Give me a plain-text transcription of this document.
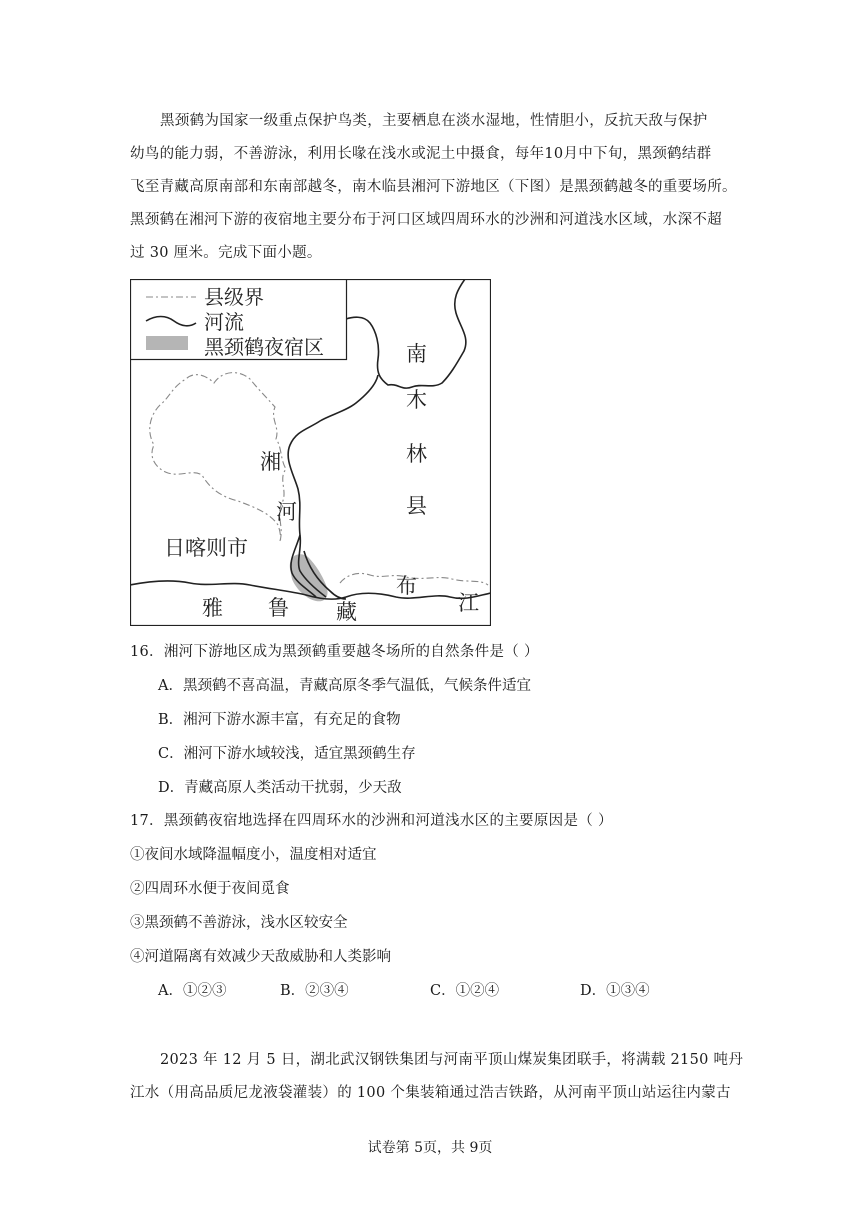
黑颈鹤为国家一级重点保护鸟类，主要栖息在淡水湿地，性情胆小，反抗天敌与保护
幼鸟的能力弱，不善游泳，利用长喙在浅水或泥土中摄食，每年10月中下旬，黑颈鹤结群
飞至青藏高原南部和东南部越冬，南木临县湘河下游地区（下图）是黑颈鹤越冬的重要场所。
黑颈鹤在湘河下游的夜宿地主要分布于河口区域四周环水的沙洲和河道浅水区域，水深不超
过 30 厘米。完成下面小题。
县级界
河流
黑颈鹤夜宿区	南
木
林
县
湘
河
日喀则市
雅 鲁 藏
布
江
16．湘河下游地区成为黑颈鹤重要越冬场所的自然条件是（ ）
A．黑颈鹤不喜高温，青藏高原冬季气温低，气候条件适宜
B．湘河下游水源丰富，有充足的食物
C．湘河下游水域较浅，适宜黑颈鹤生存
D．青藏高原人类活动干扰弱，少天敌
17．黑颈鹤夜宿地选择在四周环水的沙洲和河道浅水区的主要原因是（ ）
①夜间水域降温幅度小，温度相对适宜
②四周环水便于夜间觅食
③黑颈鹤不善游泳，浅水区较安全
④河道隔离有效减少天敌威胁和人类影响
A．①②③	B．②③④	C．①②④	D．①③④
2023 年 12 月 5 日，湖北武汉钢铁集团与河南平顶山煤炭集团联手，将满载 2150 吨丹
江水（用高品质尼龙液袋灌装）的 100 个集装箱通过浩吉铁路，从河南平顶山站运往内蒙古
试卷第 5页，共 9页
